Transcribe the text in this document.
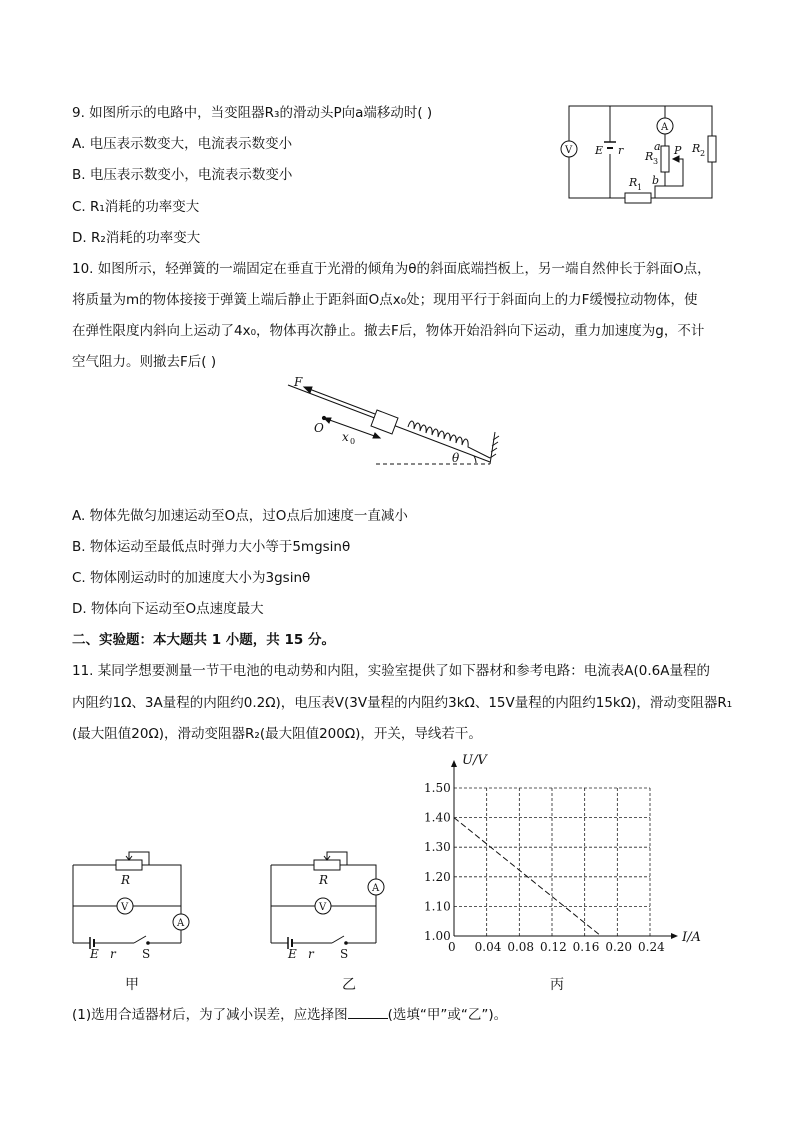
9. 如图所示的电路中，当变阻器R₃的滑动头P向a端移动时( )
A. 电压表示数变大，电流表示数变小
B. 电压表示数变小，电流表示数变小
C. R₁消耗的功率变大
D. R₂消耗的功率变大
V
A
E r R 3
P
a
b
R 1
R 2
10. 如图所示，轻弹簧的一端固定在垂直于光滑的倾角为θ的斜面底端挡板上，另一端自然伸长于斜面O点，
将质量为m的物体接接于弹簧上端后静止于距斜面O点x₀处；现用平行于斜面向上的力F缓慢拉动物体，使
在弹性限度内斜向上运动了4x₀，物体再次静止。撤去F后，物体开始沿斜向下运动，重力加速度为g，不计
空气阻力。则撤去F后( )
F
O
x 0
θ
A. 物体先做匀加速运动至O点，过O点后加速度一直减小
B. 物体运动至最低点时弹力大小等于5mgsinθ
C. 物体刚运动时的加速度大小为3gsinθ
D. 物体向下运动至O点速度最大
二、实验题：本大题共 1 小题，共 15 分。
11. 某同学想要测量一节干电池的电动势和内阻，实验室提供了如下器材和参考电路：电流表A(0.6A量程的
内阻约1Ω、3A量程的内阻约0.2Ω)，电压表V(3V量程的内阻约3kΩ、15V量程的内阻约15kΩ)，滑动变阻器R₁
(最大阻值20Ω)，滑动变阻器R₂(最大阻值200Ω)，开关，导线若干。
R
V
A
E r S
甲
R
V
A
E r S
乙
0 0.04 0.08 0.12 0.16 0.20 0.24
1.00
1.10
1.20
1.30
1.40
1.50
U/V
I/A
丙
(1)选用合适器材后，为了减小误差，应选择图	(选填“甲”或“乙”)。
